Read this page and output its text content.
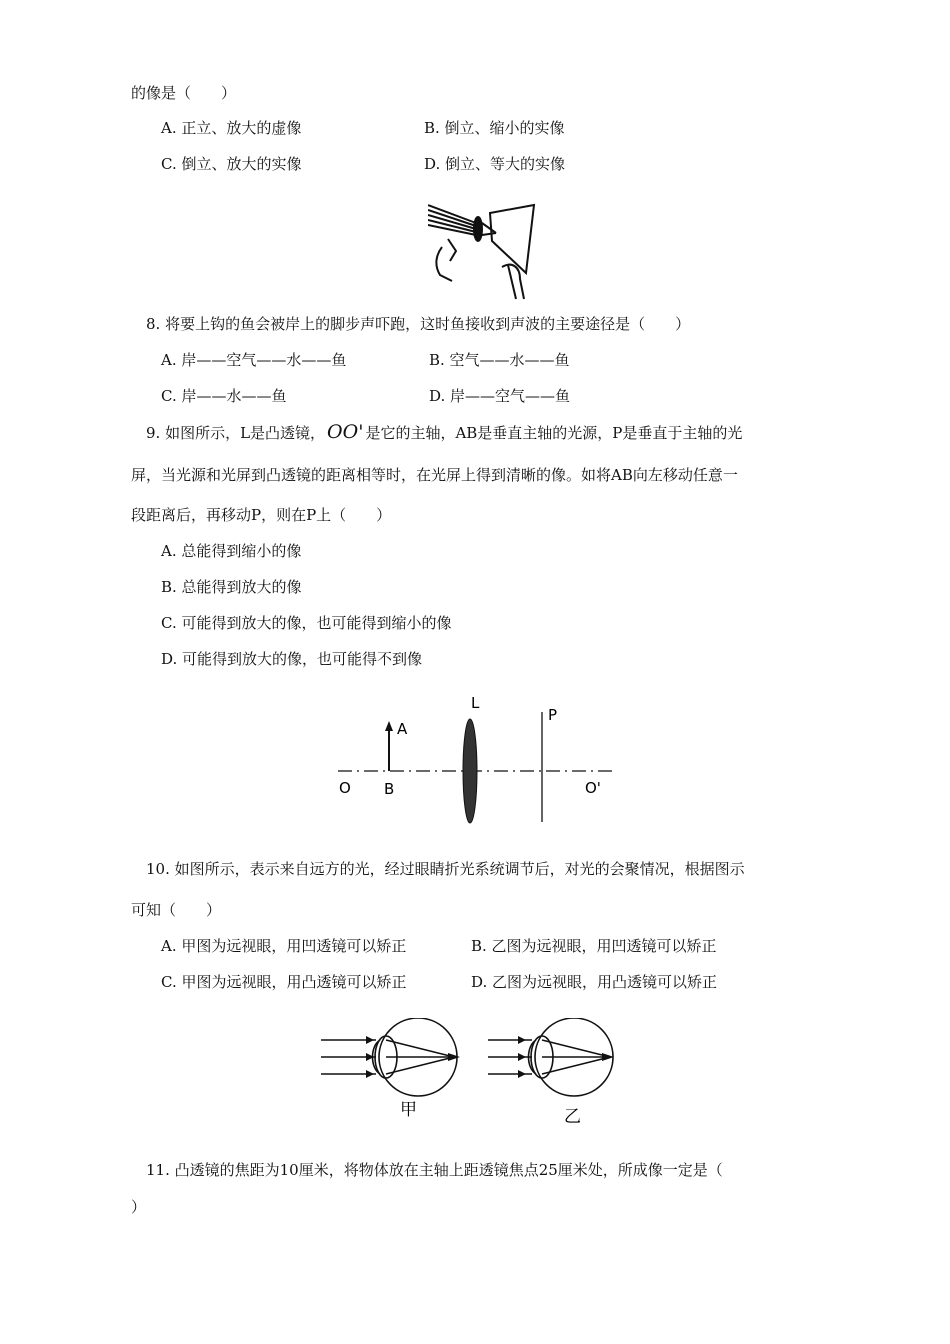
的像是（　　）
A. 正立、放大的虚像	B. 倒立、缩小的实像
C. 倒立、放大的实像	D. 倒立、等大的实像
8. 将要上钩的鱼会被岸上的脚步声吓跑，这时鱼接收到声波的主要途径是（　　）
A. 岸——空气——水——鱼	B. 空气——水——鱼
C. 岸——水——鱼	D. 岸——空气——鱼
9. 如图所示，L是凸透镜， OO' 是它的主轴，AB是垂直主轴的光源，P是垂直于主轴的光
屏，当光源和光屏到凸透镜的距离相等时，在光屏上得到清晰的像。如将AB向左移动任意一
段距离后，再移动P，则在P上（　　）
A. 总能得到缩小的像
B. 总能得到放大的像
C. 可能得到放大的像，也可能得到缩小的像
D. 可能得到放大的像，也可能得不到像
A
B
L
P
O	O'
10. 如图所示，表示来自远方的光，经过眼睛折光系统调节后，对光的会聚情况，根据图示
可知（　　）
A. 甲图为远视眼，用凹透镜可以矫正	B. 乙图为远视眼，用凹透镜可以矫正
C. 甲图为远视眼，用凸透镜可以矫正	D. 乙图为远视眼，用凸透镜可以矫正
甲	乙
11. 凸透镜的焦距为10厘米，将物体放在主轴上距透镜焦点25厘米处，所成像一定是（
）
